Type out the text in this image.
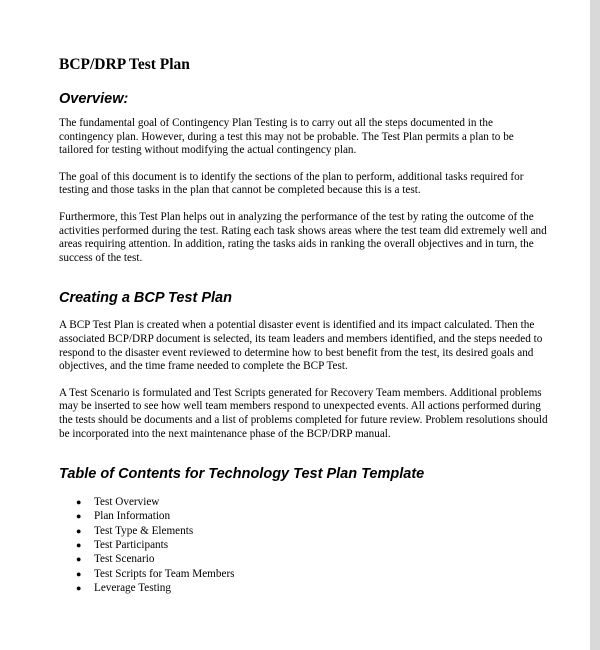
BCP/DRP Test Plan
Overview:

The fundamental goal of Contingency Plan Testing is to carry out all the steps documented in the contingency plan. However, during a test this may not be probable. The Test Plan permits a plan to be tailored for testing without modifying the actual contingency plan.

The goal of this document is to identify the sections of the plan to perform, additional tasks required for testing and those tasks in the plan that cannot be completed because this is a test.

Furthermore, this Test Plan helps out in analyzing the performance of the test by rating the outcome of the activities performed during the test. Rating each task shows areas where the test team did extremely well and areas requiring attention. In addition, rating the tasks aids in ranking the overall objectives and in turn, the success of the test.

Creating a BCP Test Plan

A BCP Test Plan is created when a potential disaster event is identified and its impact calculated. Then the associated BCP/DRP document is selected, its team leaders and members identified, and the steps needed to respond to the disaster event reviewed to determine how to best benefit from the test, its desired goals and objectives, and the time frame needed to complete the BCP Test.

A Test Scenario is formulated and Test Scripts generated for Recovery Team members. Additional problems may be inserted to see how well team members respond to unexpected events. All actions performed during the tests should be documents and a list of problems completed for future review. Problem resolutions should be incorporated into the next maintenance phase of the BCP/DRP manual.

Table of Contents for Technology Test Plan Template
● Test Overview
● Plan Information
● Test Type & Elements
● Test Participants
● Test Scenario
● Test Scripts for Team Members
● Leverage Testing
